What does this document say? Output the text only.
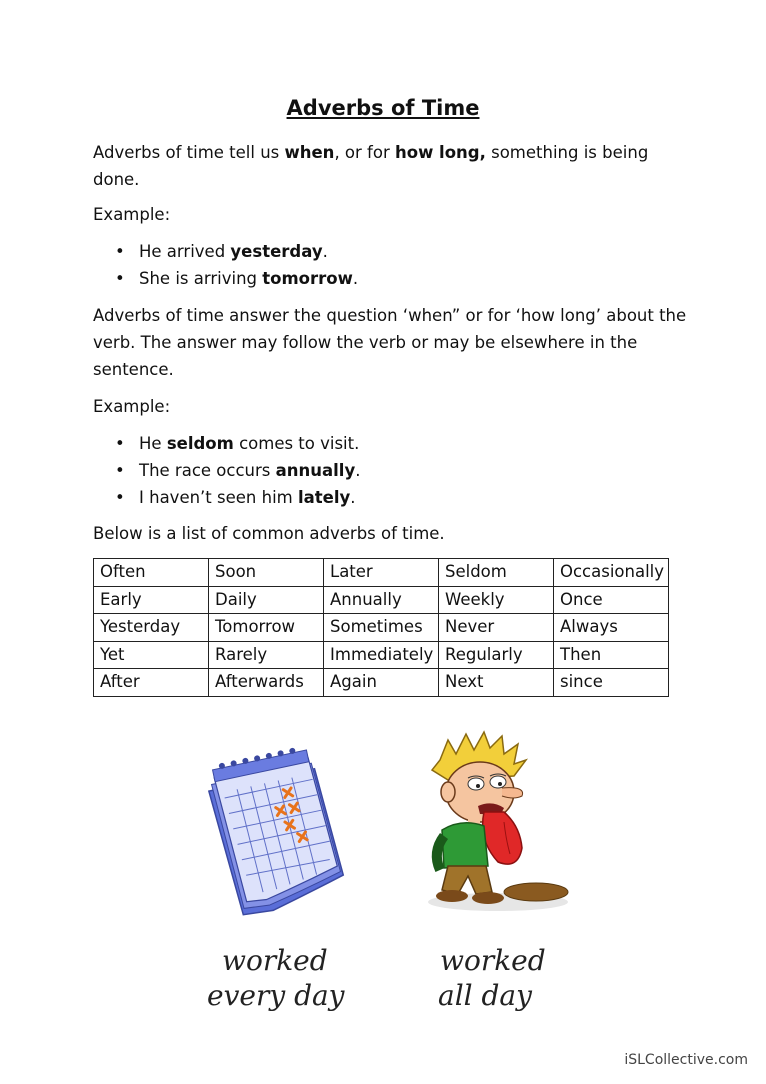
Adverbs of Time
Adverbs of time tell us when, or for how long, something is being done.
Example:
• He arrived yesterday.
• She is arriving tomorrow.
Adverbs of time answer the question ‘when” or for ‘how long’ about the verb. The answer may follow the verb or may be elsewhere in the sentence.
Example:
• He seldom comes to visit.
• The race occurs annually.
• I haven’t seen him lately.
Below is a list of common adverbs of time.
Often	Soon	Later	Seldom	Occasionally
Early	Daily	Annually	Weekly	Once
Yesterday	Tomorrow	Sometimes	Never	Always
Yet	Rarely	Immediately	Regularly	Then
After	Afterwards	Again	Next	since
worked
every day
worked
all day
iSLCollective.com
